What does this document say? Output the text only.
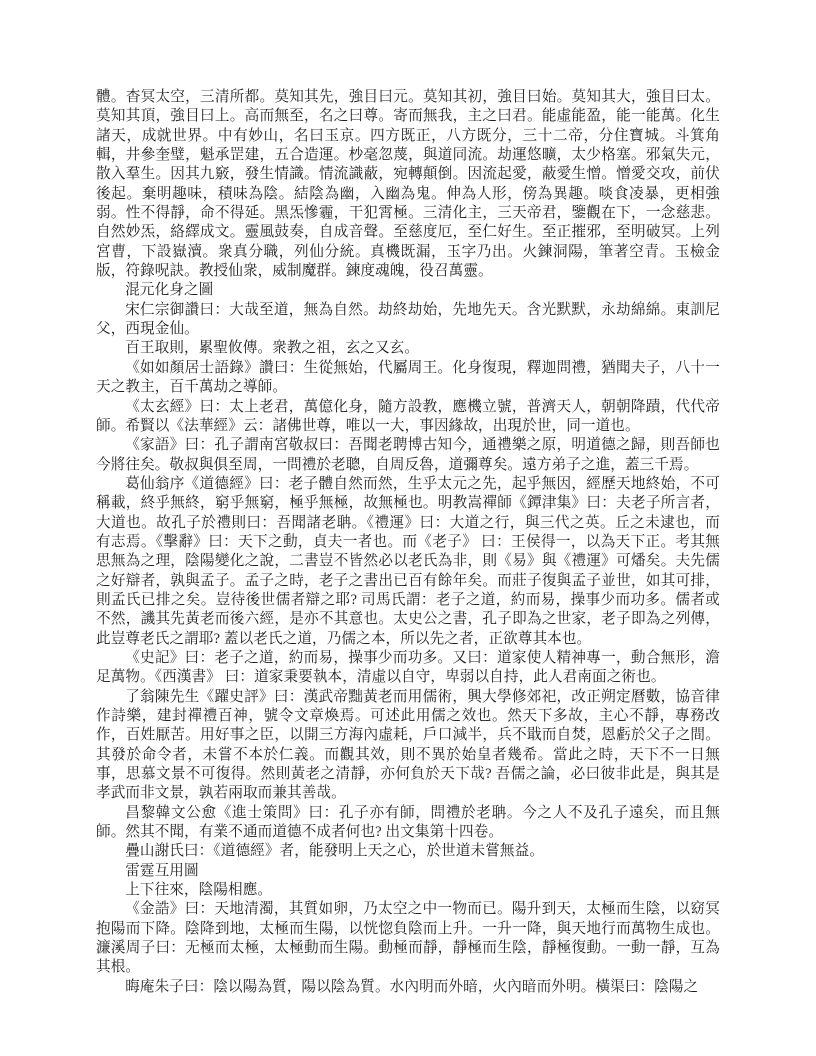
體。杳冥太空，三清所都。莫知其先，強目曰元。莫知其初，強目曰始。莫知其大，強目曰太。莫知其頂，強目曰上。高而無至，名之曰尊。寄而無我，主之曰君。能虛能盈，能一能萬。化生諸天，成就世界。中有妙山，名曰玉京。四方既正，八方既分，三十二帝，分住寶城。斗箕角輯，井參奎璧，魁承罡建，五合造運。杪毫忽蔑，與道同流。劫運悠曠，太少格塞。邪氣失元，散入羣生。因其九竅，發生情識。情流識蔽，宛轉顛倒。因流起愛，蔽愛生憎。憎愛交攻，前伏後起。棄明趣味，積味為陰。結陰為幽，入幽為鬼。伸為人形，傍為異趣。啖食凌暴，更相強弱。性不得靜，命不得延。黑炁慘霾，干犯霄極。三清化主，三天帝君，鑒觀在下，一念慈悲。自然妙炁，絡繹成文。靈風鼓奏，自成音聲。至慈度厄，至仁好生。至正摧邪，至明破冥。上列宮曹，下設嶽瀆。衆真分職，列仙分統。真機既漏，玉字乃出。火鍊洞陽，筆著空青。玉檢金版，符錄呪訣。教授仙衆，威制魔群。鍊度魂魄，役召萬靈。

混元化身之圖

宋仁宗御讚曰：大哉至道，無為自然。劫終劫始，先地先天。含光默默，永劫綿綿。東訓尼父，西現金仙。

百王取則，累聖攸傳。衆教之祖，玄之又玄。

《如如顏居士語錄》讚曰：生從無始，代屬周王。化身復現，釋迦問禮，猶聞夫子，八十一天之教主，百千萬劫之導師。

《太玄經》曰：太上老君，萬億化身，隨方設教，應機立號，普濟天人，朝朝降蹟，代代帝師。希賢以《法華經》云：諸佛世尊，唯以一大，事因緣故，出現於世，同一道也。

《家語》曰：孔子謂南宮敬叔曰：吾聞老聘博古知今，通禮樂之原，明道德之歸，則吾師也今將往矣。敬叔與俱至周，一問禮於老聰，自周反魯，道彌尊矣。遠方弟子之進，蓋三千焉。

葛仙翁序《道德經》曰：老子體自然而然，生乎太元之先，起乎無因，經歷天地終始，不可稱載，終乎無終，窮乎無窮，極乎無極，故無極也。明教嵩禪師《鐔津集》曰：夫老子所言者，大道也。故孔子於禮則曰：吾聞諸老聃。《禮運》曰：大道之行，與三代之英。丘之未逮也，而有志焉。《擊辭》曰：天下之動，貞夫一者也。而《老子》 曰：王侯得一，以為天下正。考其無思無為之理，陰陽變化之說，二書豈不皆然必以老氏為非，則《易》與《禮運》可燔矣。夫先儒之好辯者，孰與孟子。孟子之時，老子之書出已百有餘年矣。而莊子復與孟子並世，如其可排，則孟氏已排之矣。豈待後世儒者辯之耶? 司馬氏謂：老子之道，約而易，操事少而功多。儒者或不然，譏其先黃老而後六經，是亦不其意也。太史公之書，孔子即為之世家，老子即為之列傳，此豈尊老氏之謂耶? 蓋以老氏之道，乃儒之本，所以先之者，正欲尊其本也。

《史記》曰：老子之道，約而易，操事少而功多。又曰：道家使人精神專一，動合無形，澹足萬物。《西漢書》 曰：道家秉要執本，清虛以自守，卑弱以自持，此人君南面之術也。

了翁陳先生《躍史評》曰：漢武帝黜黃老而用儒術，興大學修郊祀，改正朔定曆數，協音律作詩樂，建封禪禮百神，號令文章煥焉。可述此用儒之效也。然天下多故，主心不靜，專務改作，百姓厭苦。用好事之臣，以開三方海內虛耗，戶口減半，兵不戢而自焚，恩虧於父子之間。其發於命令者，未嘗不本於仁義。而觀其效，則不異於始皇者幾希。當此之時，天下不一日無事，思慕文景不可復得。然則黃老之清靜，亦何負於天下哉? 吾儒之論，必曰彼非此是，與其是孝武而非文景，孰若兩取而兼其善哉。

昌黎韓文公愈《進士策問》曰：孔子亦有師，問禮於老聃。今之人不及孔子遠矣，而且無師。然其不聞，有業不通而道德不成者何也? 出文集第十四卷。

疊山謝氏曰：《道德經》者，能發明上天之心，於世道未嘗無益。

雷霆互用圖

上下往來，陰陽相應。

《金誥》曰：天地清濁，其質如卵，乃太空之中一物而已。陽升到天，太極而生陰，以窈冥抱陽而下降。陰降到地，太極而生陽，以恍惚負陰而上升。一升一降，與天地行而萬物生成也。濂溪周子曰：无極而太極，太極動而生陽。動極而靜，靜極而生陰，靜極復動。一動一靜，互為其根。

晦庵朱子曰：陰以陽為質，陽以陰為質。水內明而外暗，火內暗而外明。橫渠曰：陰陽之
